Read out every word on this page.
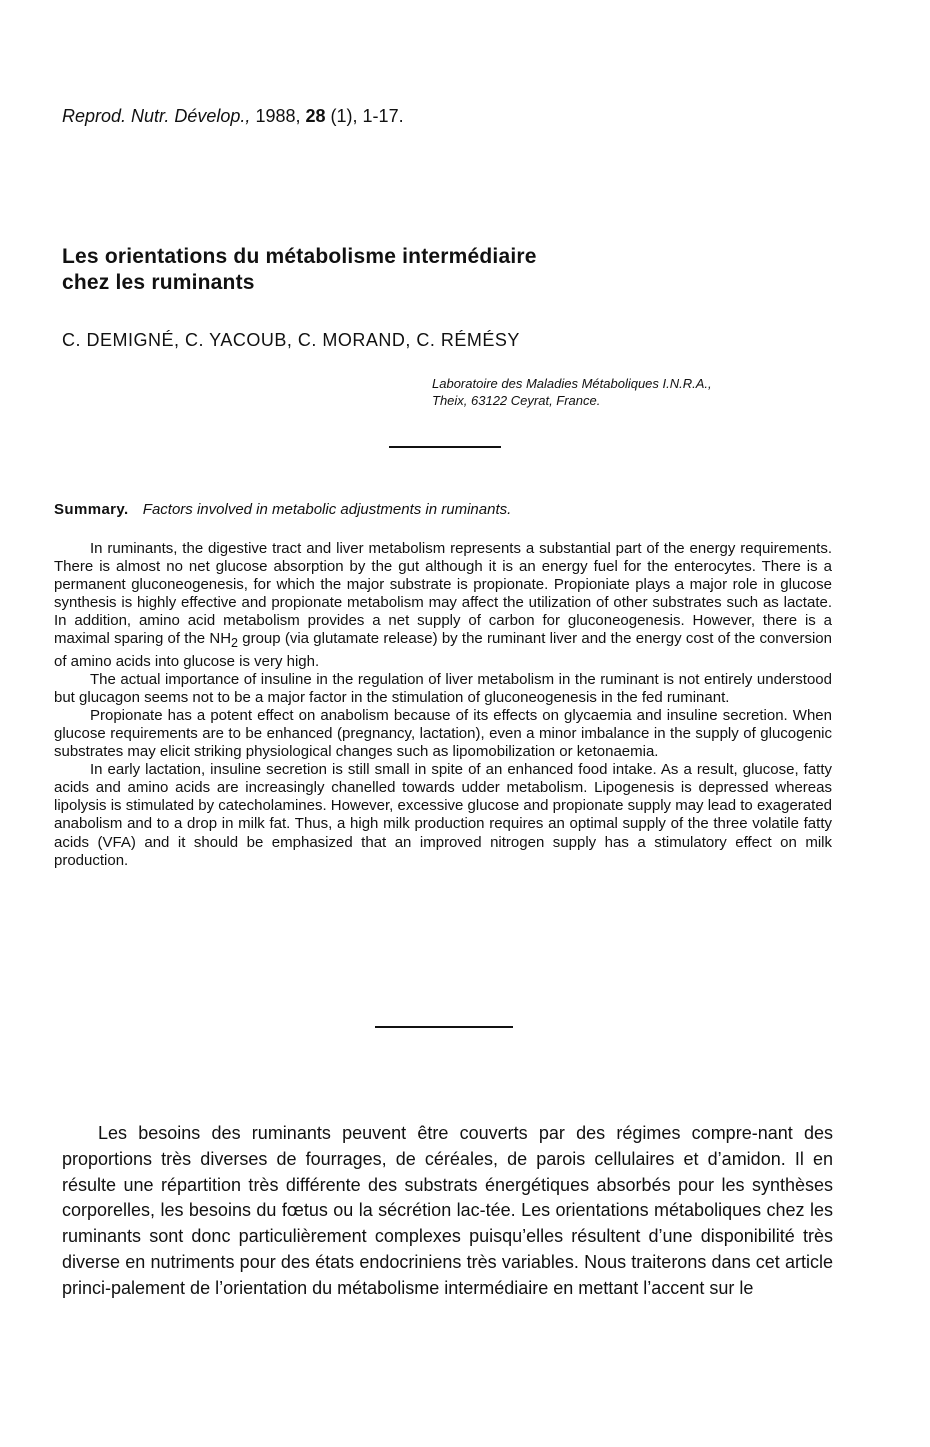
Reprod. Nutr. Dévelop., 1988, 28 (1), 1-17.
Les orientations du métabolisme intermédiaire
chez les ruminants
C. DEMIGNÉ, C. YACOUB, C. MORAND, C. RÉMÉSY
Laboratoire des Maladies Métaboliques I.N.R.A.,
Theix, 63122 Ceyrat, France.
Summary. Factors involved in metabolic adjustments in ruminants.

In ruminants, the digestive tract and liver metabolism represents a substantial part of the energy requirements. There is almost no net glucose absorption by the gut although it is an energy fuel for the enterocytes. There is a permanent gluconeogenesis, for which the major substrate is propionate. Propioniate plays a major role in glucose synthesis is highly effective and propionate metabolism may affect the utilization of other substrates such as lactate. In addition, amino acid metabolism provides a net supply of carbon for gluconeogenesis. However, there is a maximal sparing of the $NH_2$ group (via glutamate release) by the ruminant liver and the energy cost of the conversion of amino acids into glucose is very high.

The actual importance of insuline in the regulation of liver metabolism in the ruminant is not entirely understood but glucagon seems not to be a major factor in the stimulation of gluconeogenesis in the fed ruminant.

Propionate has a potent effect on anabolism because of its effects on glycaemia and insuline secretion. When glucose requirements are to be enhanced (pregnancy, lactation), even a minor imbalance in the supply of glucogenic substrates may elicit striking physiological changes such as lipomobilization or ketonaemia.

In early lactation, insuline secretion is still small in spite of an enhanced food intake. As a result, glucose, fatty acids and amino acids are increasingly chanelled towards udder metabolism. Lipogenesis is depressed whereas lipolysis is stimulated by catecholamines. However, excessive glucose and propionate supply may lead to exagerated anabolism and to a drop in milk fat. Thus, a high milk production requires an optimal supply of the three volatile fatty acids (VFA) and it should be emphasized that an improved nitrogen supply has a stimulatory effect on milk production.

Les besoins des ruminants peuvent être couverts par des régimes compre-nant des proportions très diverses de fourrages, de céréales, de parois cellulaires et d’amidon. Il en résulte une répartition très différente des substrats énergétiques absorbés pour les synthèses corporelles, les besoins du fœtus ou la sécrétion lac-tée. Les orientations métaboliques chez les ruminants sont donc particulièrement complexes puisqu’elles résultent d’une disponibilité très diverse en nutriments pour des états endocriniens très variables. Nous traiterons dans cet article princi-palement de l’orientation du métabolisme intermédiaire en mettant l’accent sur le
